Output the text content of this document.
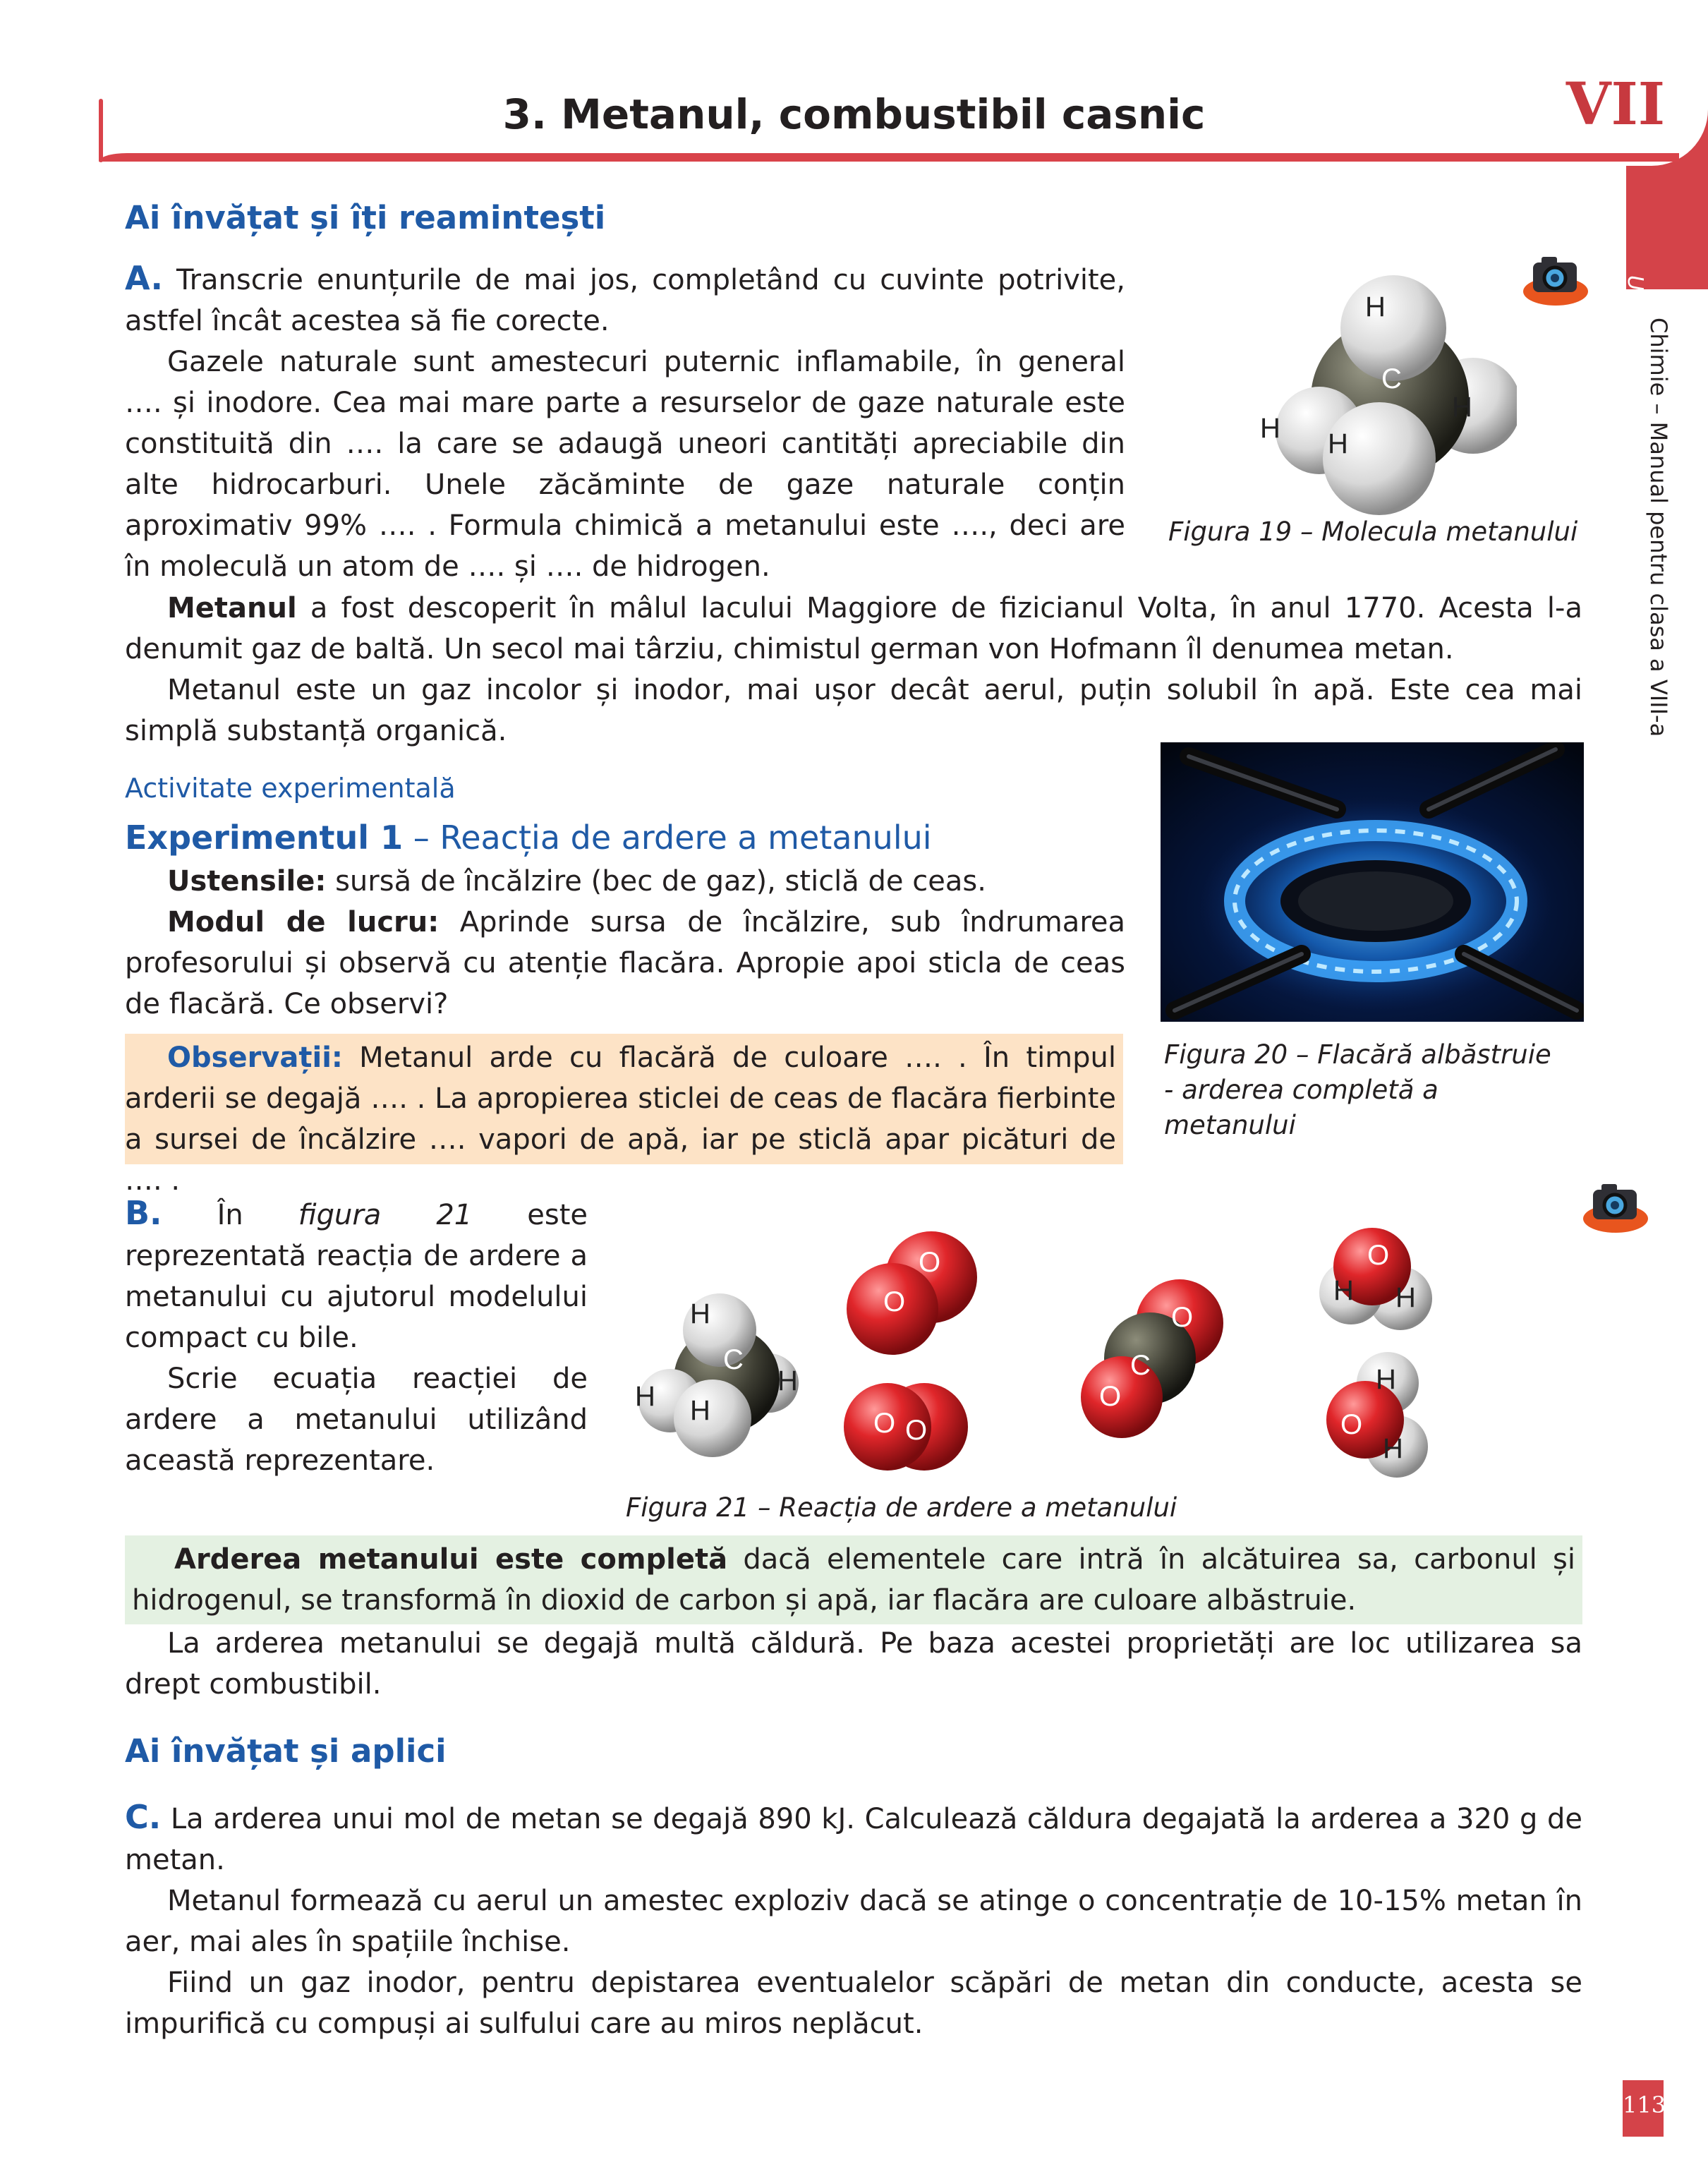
3. Metanul, combustibil casnic	VII
Unitatea
Chimie – Manual pentru clasa a VIII-a
Ai învățat și îți reamintești

A. Transcrie enunțurile de mai jos, completând cu cuvinte potrivite, astfel încât acestea să fie corecte.

Gazele naturale sunt amestecuri puternic inflamabile, în general …. și inodore. Cea mai mare parte a resurselor de gaze naturale este constituită din …. la care se adaugă uneori cantități apreciabile din alte hidrocarburi. Unele zăcăminte de gaze naturale conțin aproximativ 99% …. . Formula chimică a metanului este …., deci are în moleculă un atom de …. și …. de hidrogen.

Metanul a fost descoperit în mâlul lacului Maggiore de fizicianul Volta, în anul 1770. Acesta l-a denumit gaz de baltă. Un secol mai târziu, chimistul german von Hofmann îl denumea metan.

Metanul este un gaz incolor și inodor, mai ușor decât aerul, puțin solubil în apă. Este cea mai simplă substanță organică.

H
C
H
H H
Figura 19 – Molecula metanului
Activitate experimentală
Experimentul 1 – Reacția de ardere a metanului

Ustensile: sursă de încălzire (bec de gaz), sticlă de ceas.

Modul de lucru: Aprinde sursa de încălzire, sub îndrumarea profesorului și observă cu atenție flacăra. Apropie apoi sticla de ceas de flacără. Ce observi?

Observații: Metanul arde cu flacără de culoare …. . În timpul arderii se degajă …. . La apropierea sticlei de ceas de flacăra fierbinte a sursei de încălzire …. vapori de apă, iar pe sticlă apar picături de …. .

Figura 20 – Flacără albăstruie - arderea completă a metanului

B. În figura 21 este reprezentată reacția de ardere a metanului cu ajutorul modelului compact cu bile.

Scrie ecuația reacției de ardere a metanului utilizând această reprezentare.

H
C
H
H H
O
O
O
O
O
C
O
O
H H
H
O
H
Figura 21 – Reacția de ardere a metanului

Arderea metanului este completă dacă elementele care intră în alcătuirea sa, carbonul și hidrogenul, se transformă în dioxid de carbon și apă, iar flacăra are culoare albăstruie.

La arderea metanului se degajă multă căldură. Pe baza acestei proprietăți are loc utilizarea sa drept combustibil.

Ai învățat și aplici

C. La arderea unui mol de metan se degajă 890 kJ. Calculează căldura degajată la arderea a 320 g de metan.

Metanul formează cu aerul un amestec exploziv dacă se atinge o concentrație de 10-15% metan în aer, mai ales în spațiile închise.

Fiind un gaz inodor, pentru depistarea eventualelor scăpări de metan din conducte, acesta se impurifică cu compuși ai sulfului care au miros neplăcut.

113
